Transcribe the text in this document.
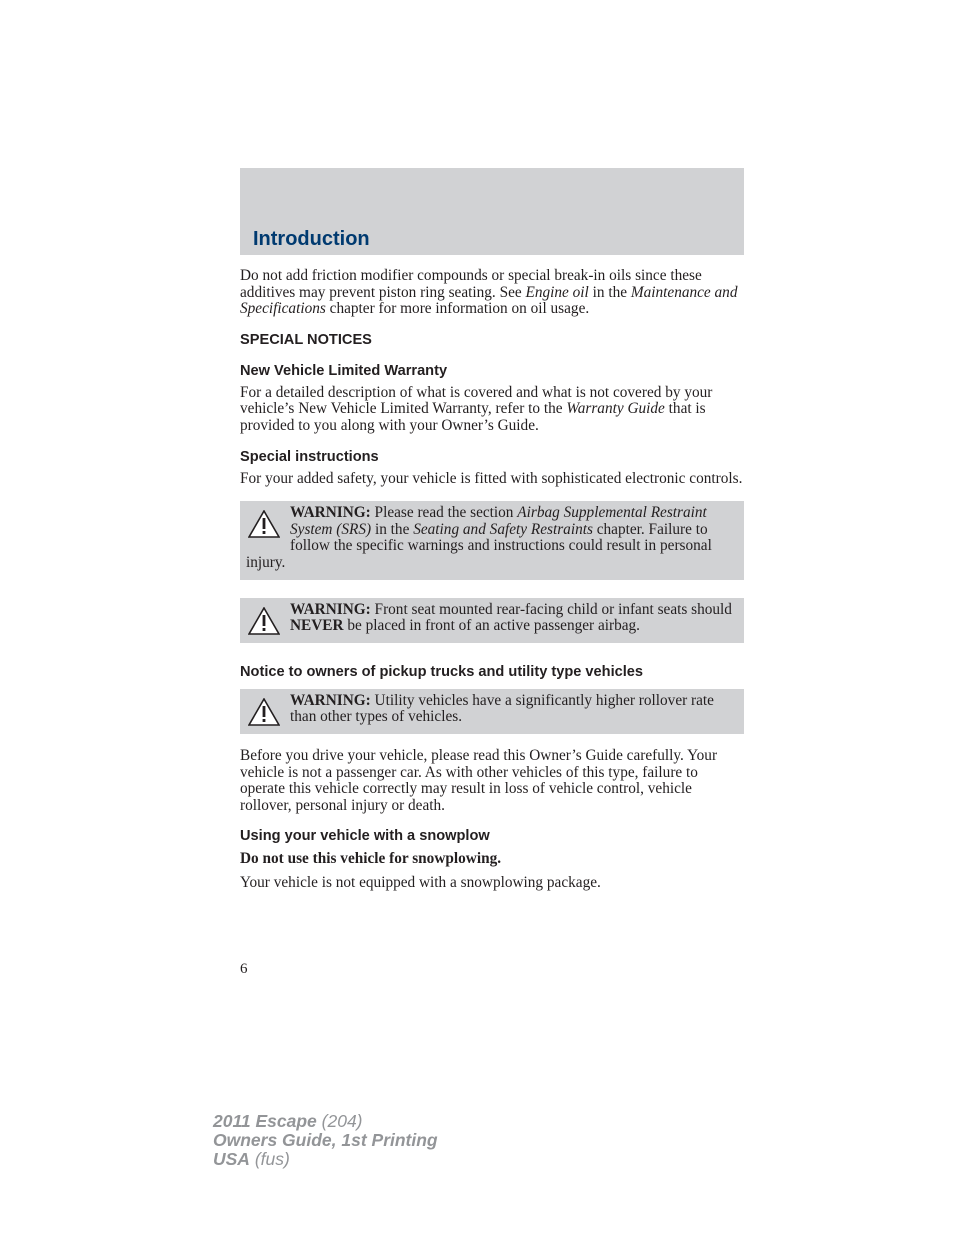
Introduction

Do not add friction modifier compounds or special break-in oils since these additives may prevent piston ring seating. See Engine oil in the Maintenance and Specifications chapter for more information on oil usage.

SPECIAL NOTICES
New Vehicle Limited Warranty

For a detailed description of what is covered and what is not covered by your vehicle’s New Vehicle Limited Warranty, refer to the Warranty Guide that is provided to you along with your Owner’s Guide.

Special instructions

For your added safety, your vehicle is fitted with sophisticated electronic controls.

WARNING: Please read the section Airbag Supplemental Restraint System (SRS) in the Seating and Safety Restraints chapter. Failure to follow the specific warnings and instructions could result in personal injury.
WARNING: Front seat mounted rear-facing child or infant seats should NEVER be placed in front of an active passenger airbag.
Notice to owners of pickup trucks and utility type vehicles
WARNING: Utility vehicles have a significantly higher rollover rate than other types of vehicles.

Before you drive your vehicle, please read this Owner’s Guide carefully. Your vehicle is not a passenger car. As with other vehicles of this type, failure to operate this vehicle correctly may result in loss of vehicle control, vehicle rollover, personal injury or death.

Using your vehicle with a snowplow

Do not use this vehicle for snowplowing.

Your vehicle is not equipped with a snowplowing package.

6
2011 Escape (204)
Owners Guide, 1st Printing
USA (fus)
